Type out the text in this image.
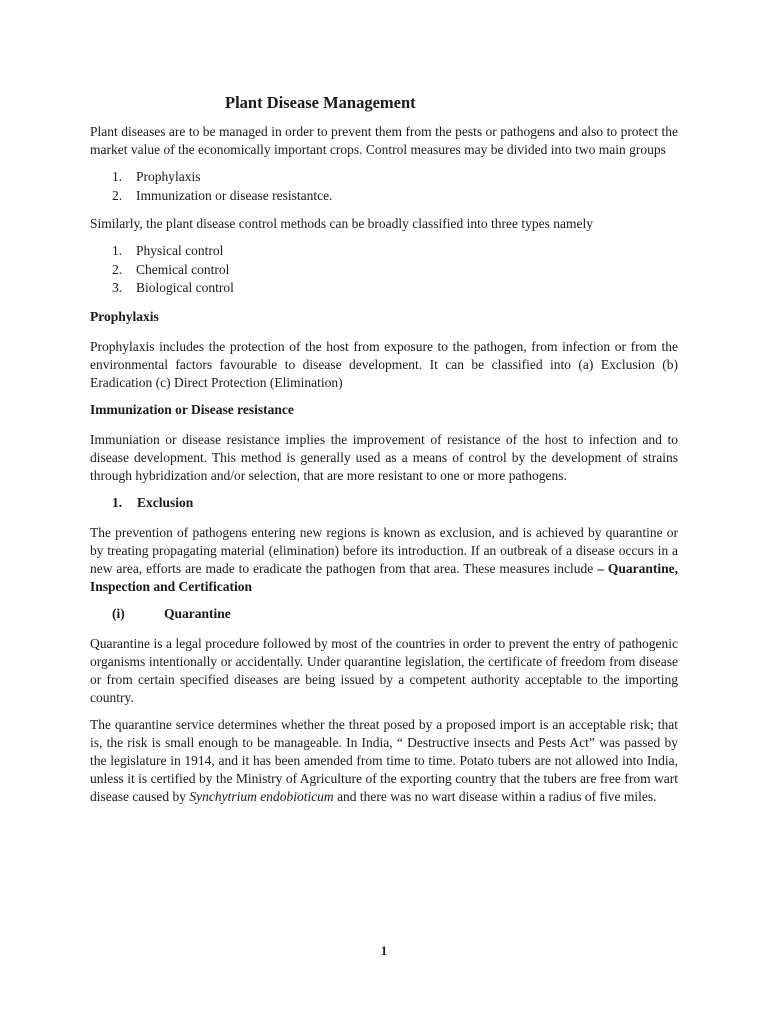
Plant Disease Management

Plant diseases are to be managed in order to prevent them from the pests or pathogens and also to protect the market value of the economically important crops. Control measures may be divided into two main groups

1. Prophylaxis
2. Immunization or disease resistantce.

Similarly, the plant disease control methods can be broadly classified into three types namely

1. Physical control
2. Chemical control
3. Biological control
Prophylaxis

Prophylaxis includes the protection of the host from exposure to the pathogen, from infection or from the environmental factors favourable to disease development. It can be classified into (a) Exclusion (b) Eradication (c) Direct Protection (Elimination)

Immunization or Disease resistance

Immuniation or disease resistance implies the improvement of resistance of the host to infection and to disease development. This method is generally used as a means of control by the development of strains through hybridization and/or selection, that are more resistant to one or more pathogens.

1. Exclusion

The prevention of pathogens entering new regions is known as exclusion, and is achieved by quarantine or by treating propagating material (elimination) before its introduction. If an outbreak of a disease occurs in a new area, efforts are made to eradicate the pathogen from that area. These measures include – Quarantine, Inspection and Certification

(i)	Quarantine

Quarantine is a legal procedure followed by most of the countries in order to prevent the entry of pathogenic organisms intentionally or accidentally. Under quarantine legislation, the certificate of freedom from disease or from certain specified diseases are being issued by a competent authority acceptable to the importing country.

The quarantine service determines whether the threat posed by a proposed import is an acceptable risk; that is, the risk is small enough to be manageable. In India, “ Destructive insects and Pests Act” was passed by the legislature in 1914, and it has been amended from time to time. Potato tubers are not allowed into India, unless it is certified by the Ministry of Agriculture of the exporting country that the tubers are free from wart disease caused by Synchytrium endobioticum and there was no wart disease within a radius of five miles.

1
